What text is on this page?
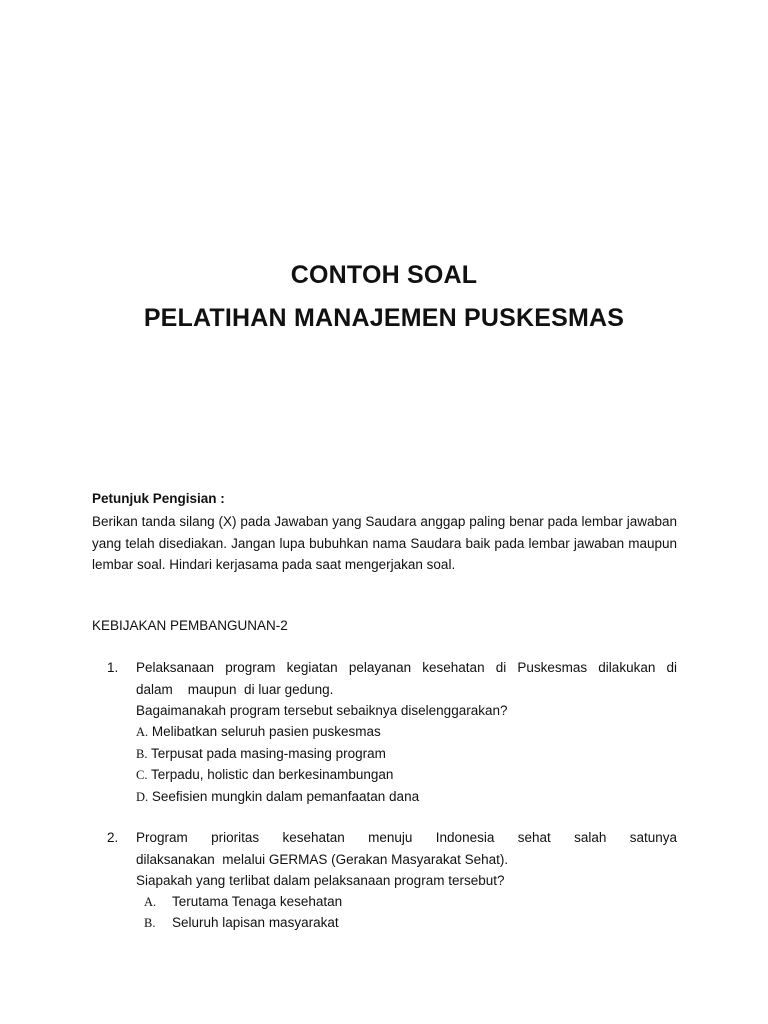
CONTOH SOAL
PELATIHAN MANAJEMEN PUSKESMAS
Petunjuk Pengisian :
Berikan tanda silang (X) pada Jawaban yang Saudara anggap paling benar pada lembar jawaban yang telah disediakan. Jangan lupa bubuhkan nama Saudara baik pada lembar jawaban maupun lembar soal. Hindari kerjasama pada saat mengerjakan soal.
KEBIJAKAN PEMBANGUNAN-2
1. Pelaksanaan program kegiatan pelayanan kesehatan di Puskesmas dilakukan di
dalam    maupun  di luar gedung.
Bagaimanakah program tersebut sebaiknya diselenggarakan?
A. Melibatkan seluruh pasien puskesmas
B. Terpusat pada masing-masing program
C. Terpadu, holistic dan berkesinambungan
D. Seefisien mungkin dalam pemanfaatan dana
2. Program prioritas kesehatan menuju Indonesia sehat salah satunya
dilaksanakan  melalui GERMAS (Gerakan Masyarakat Sehat).
Siapakah yang terlibat dalam pelaksanaan program tersebut?
A. Terutama Tenaga kesehatan
B. Seluruh lapisan masyarakat
